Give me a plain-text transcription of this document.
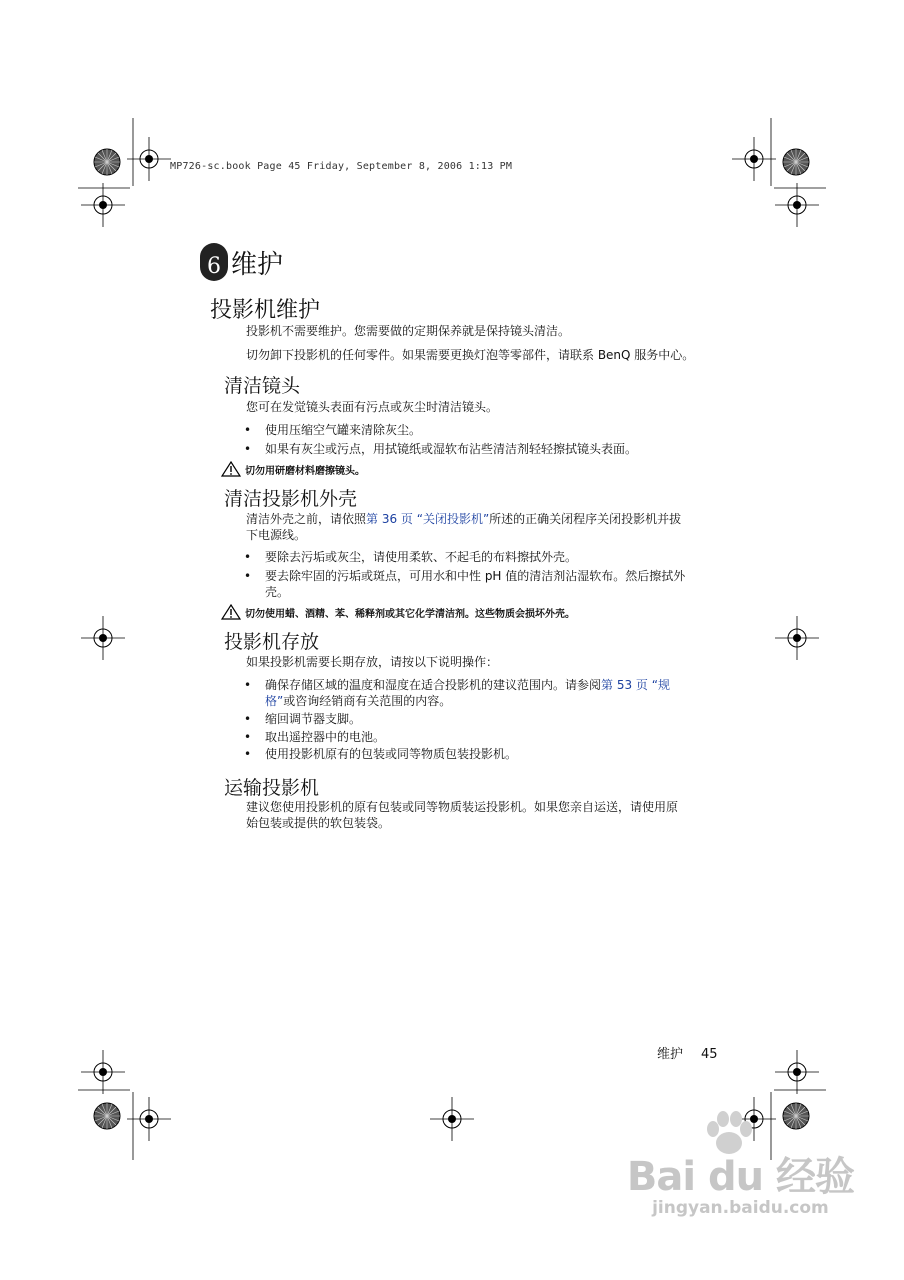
MP726-sc.book Page 45 Friday, September 8, 2006 1:13 PM
6 维护
投影机维护
投影机不需要维护。您需要做的定期保养就是保持镜头清洁。
切勿卸下投影机的任何零件。如果需要更换灯泡等零部件，请联系 BenQ 服务中心。
清洁镜头
您可在发觉镜头表面有污点或灰尘时清洁镜头。
• 使用压缩空气罐来清除灰尘。
• 如果有灰尘或污点，用拭镜纸或湿软布沾些清洁剂轻轻擦拭镜头表面。
切勿用研磨材料磨擦镜头。
清洁投影机外壳
清洁外壳之前，请依照第 36 页 “关闭投影机”所述的正确关闭程序关闭投影机并拔
下电源线。
• 要除去污垢或灰尘，请使用柔软、不起毛的布料擦拭外壳。
• 要去除牢固的污垢或斑点，可用水和中性 pH 值的清洁剂沾湿软布。然后擦拭外
壳。
切勿使用蜡、酒精、苯、稀释剂或其它化学清洁剂。这些物质会损坏外壳。
投影机存放
如果投影机需要长期存放，请按以下说明操作：
• 确保存储区域的温度和湿度在适合投影机的建议范围内。请参阅第 53 页 “规
格”或咨询经销商有关范围的内容。
• 缩回调节器支脚。
• 取出遥控器中的电池。
• 使用投影机原有的包装或同等物质包装投影机。
运输投影机
建议您使用投影机的原有包装或同等物质装运投影机。如果您亲自运送，请使用原
始包装或提供的软包装袋。
维护 45
Bai du 经验
jingyan.baidu.com
